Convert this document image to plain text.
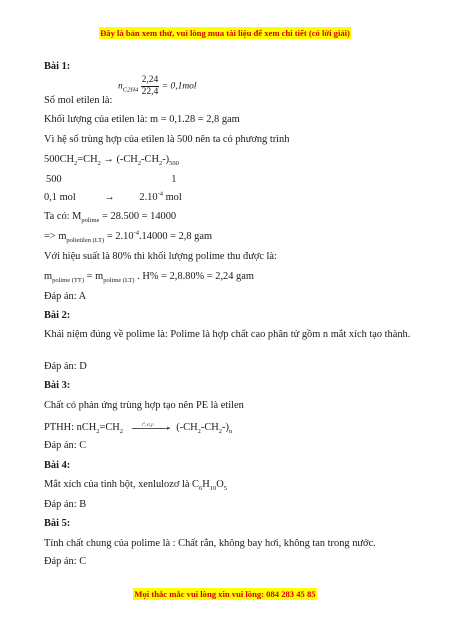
Đây là bản xem thử, vui lòng mua tài liệu để xem chi tiết (có lời giải)
Bài 1:
$n_{C2H4} \frac{2,24}{22,4} = 0,1mol$
Số mol etilen là:
Khối lượng của etilen là: m = 0,1.28 = 2,8 gam
Vì hệ số trùng hợp của etilen là 500 nên ta có phương trình
$500CH_2=CH_2 \to (-CH_2-CH_2-)_{500}$
500	1
0,1 mol	→ $2.10^{-4}$ mol
Ta có: $M_{polime} = 28.500 = 14000$
=> $m_{polietilen (LT)} = 2.10^{-4}.14000 = 2,8$ gam
Với hiệu suất là 80% thì khối lượng polime thu được là:
$m_{polime (TT)} = m_{polime (LT)}$ . H% = 2,8.80% = 2,24 gam
Đáp án: A
Bài 2:
Khái niệm đúng về polime là: Polime là hợp chất cao phân tử gồm n mắt xích tạo thành.
Đáp án: D
Bài 3:
Chất có phản ứng trùng hợp tạo nên PE là etilen
PTHH: $nCH_2=CH_2$
t°,xt,p ▸ $(-CH_2-CH_2-)_n$
Đáp án: C
Bài 4:
Mắt xích của tinh bột, xenlulozơ là $C_6H_{10}O_5$
Đáp án: B
Bài 5:
Tính chất chung của polime là : Chất rắn, không bay hơi, không tan trong nước.
Đáp án: C
Mọi thắc mắc vui lòng xin vui lòng: 084 283 45 85
